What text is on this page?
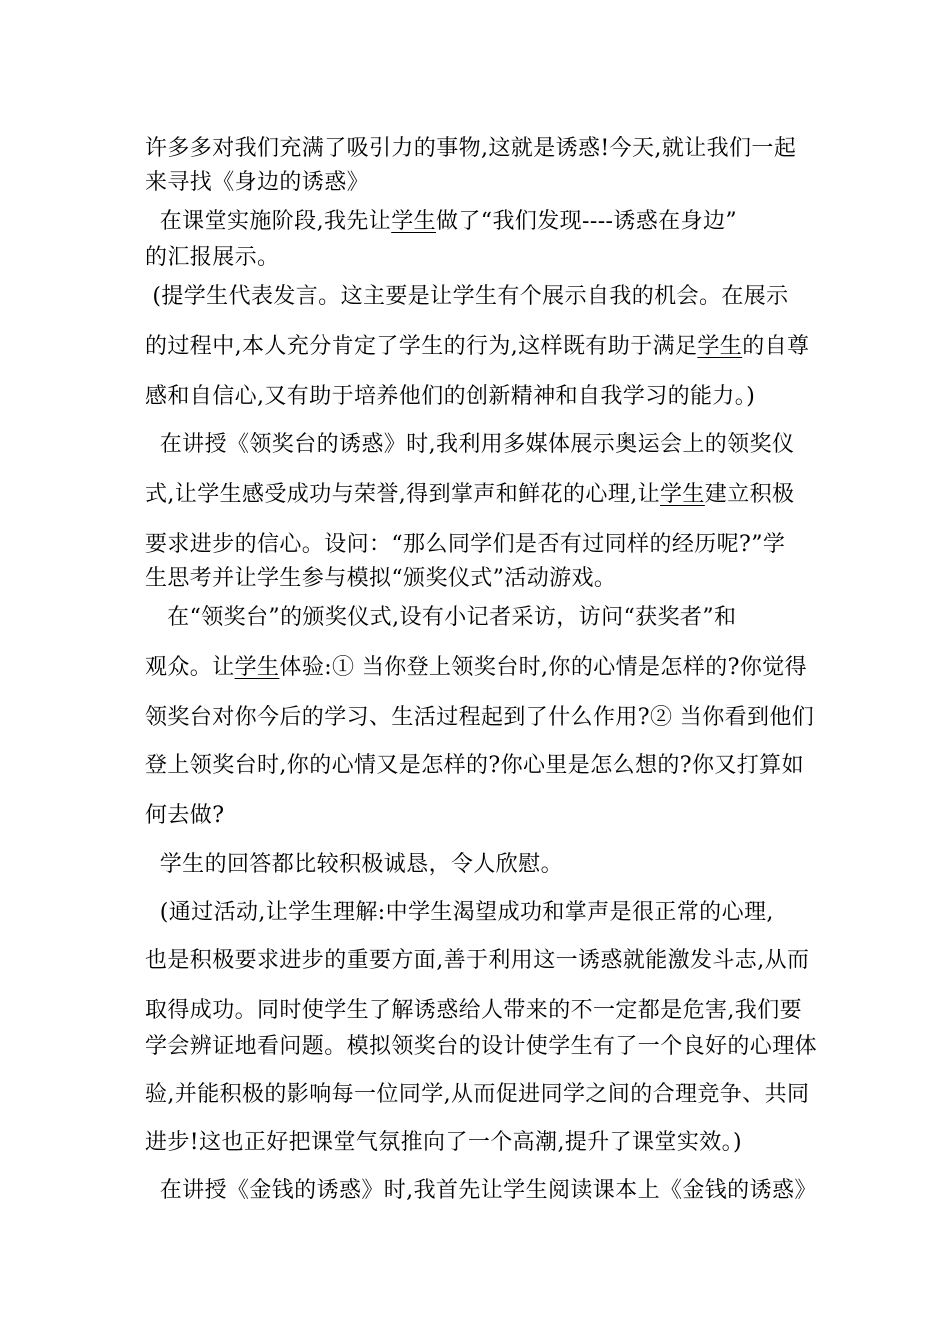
许多多对我们充满了吸引力的事物,这就是诱惑!今天,就让我们一起
来寻找《身边的诱惑》
在课堂实施阶段,我先让学生做了“我们发现----诱惑在身边”
的汇报展示。
(提学生代表发言。这主要是让学生有个展示自我的机会。在展示
的过程中,本人充分肯定了学生的行为,这样既有助于满足学生的自尊
感和自信心,又有助于培养他们的创新精神和自我学习的能力。)
在讲授《领奖台的诱惑》时,我利用多媒体展示奥运会上的领奖仪
式,让学生感受成功与荣誉,得到掌声和鲜花的心理,让学生建立积极
要求进步的信心。设问：“那么同学们是否有过同样的经历呢?”学
生思考并让学生参与模拟“颁奖仪式”活动游戏。
在“领奖台”的颁奖仪式,设有小记者采访，访问“获奖者”和
观众。让学生体验:① 当你登上领奖台时,你的心情是怎样的?你觉得
领奖台对你今后的学习、生活过程起到了什么作用?② 当你看到他们
登上领奖台时,你的心情又是怎样的?你心里是怎么想的?你又打算如
何去做?
学生的回答都比较积极诚恳，令人欣慰。
(通过活动,让学生理解:中学生渴望成功和掌声是很正常的心理,
也是积极要求进步的重要方面,善于利用这一诱惑就能激发斗志,从而
取得成功。同时使学生了解诱惑给人带来的不一定都是危害,我们要
学会辨证地看问题。模拟领奖台的设计使学生有了一个良好的心理体
验,并能积极的影响每一位同学,从而促进同学之间的合理竞争、共同
进步!这也正好把课堂气氛推向了一个高潮,提升了课堂实效。)
在讲授《金钱的诱惑》时,我首先让学生阅读课本上《金钱的诱惑》
